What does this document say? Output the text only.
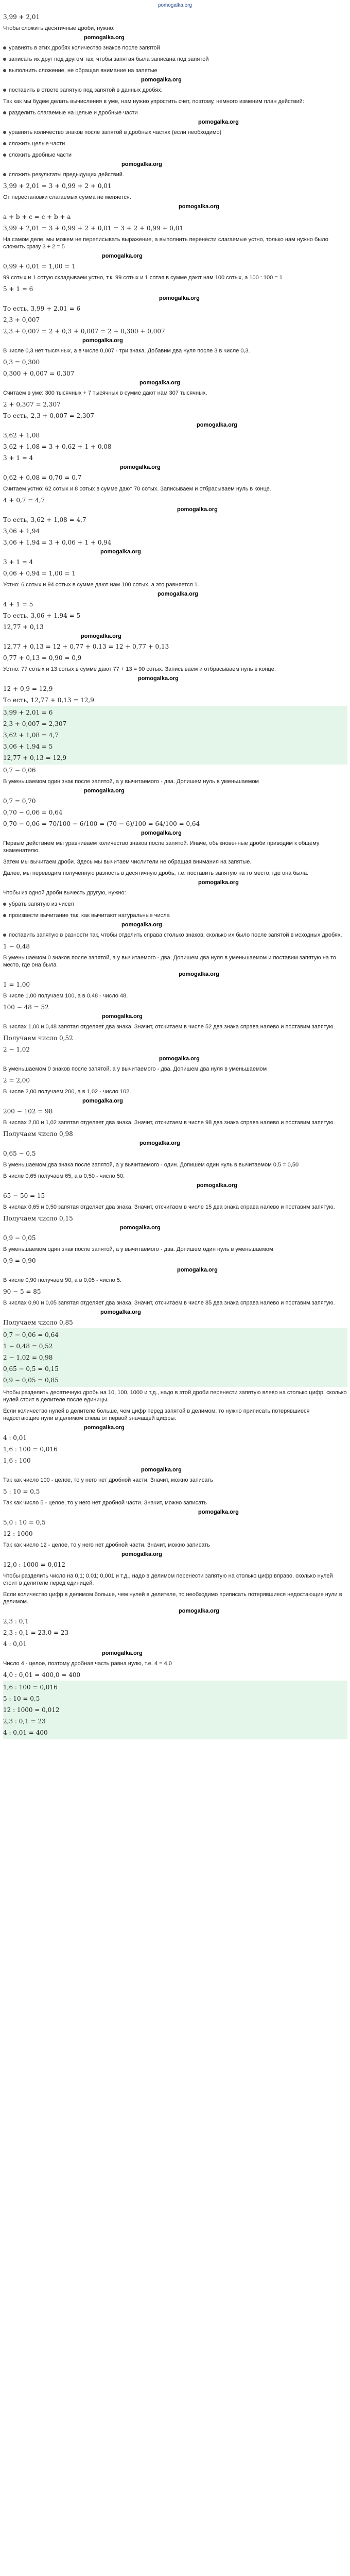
pomogalka.org

3,99 + 2,01

Чтобы сложить десятичные дроби, нужно:

pomogalka.org
уравнять в этих дробях количество знаков после запятой
записать их друг под другом так, чтобы запятая была записана под запятой
выполнить сложение, не обращая внимание на запятые
pomogalka.org
поставить в ответе запятую под запятой в данных дробях.

Так как мы будем делать вычисления в уме, нам нужно упростить счет, поэтому, немного изменим план действий:

разделить слагаемые на целые и дробные части
pomogalka.org
уравнять количество знаков после запятой в дробных частях (если необходимо)
сложить целые части
сложить дробные части
pomogalka.org
сложить результаты предыдущих действий.

3,99 + 2,01 = 3 + 0,99 + 2 + 0,01

От перестановки слагаемых сумма не меняется.

pomogalka.org

a + b + c = c + b + a

3,99 + 2,01 = 3 + 0,99 + 2 + 0,01 = 3 + 2 + 0,99 + 0,01

На самом деле, мы можем не переписывать выражение, а выполнить перенести слагаемые устно, только нам нужно было сложить сразу 3 + 2 = 5

pomogalka.org

0,99 + 0,01 = 1,00 = 1

99 сотых и 1 сотую складываем устно, т.к. 99 сотых и 1 сотая в сумме дают нам 100 сотых, а 100 : 100 = 1

5 + 1 = 6

pomogalka.org

То есть, 3,99 + 2,01 = 6

2,3 + 0,007

2,3 + 0,007 = 2 + 0,3 + 0,007 = 2 + 0,300 + 0,007

pomogalka.org

В числе 0,3 нет тысячных, а в числе 0,007 - три знака. Добавим два нуля после 3 в числе 0,3.

0,3 = 0,300

0,300 + 0,007 = 0,307

pomogalka.org

Считаем в уме: 300 тысячных + 7 тысячных в сумме дают нам 307 тысячных.

2 + 0,307 = 2,307

То есть, 2,3 + 0,007 = 2,307

pomogalka.org

3,62 + 1,08

3,62 + 1,08 = 3 + 0,62 + 1 + 0,08

3 + 1 = 4

pomogalka.org

0,62 + 0,08 = 0,70 = 0,7

Считаем устно: 62 сотых и 8 сотых в сумме дают 70 сотых. Записываем и отбрасываем нуль в конце.

4 + 0,7 = 4,7

pomogalka.org

То есть, 3,62 + 1,08 = 4,7

3,06 + 1,94

3,06 + 1,94 = 3 + 0,06 + 1 + 0,94

pomogalka.org

3 + 1 = 4

0,06 + 0,94 = 1,00 = 1

Устно: 6 сотых и 94 сотых в сумме дают нам 100 сотых, а это равняется 1.

pomogalka.org

4 + 1 = 5

То есть, 3,06 + 1,94 = 5

12,77 + 0,13

pomogalka.org

12,77 + 0,13 = 12 + 0,77 + 0,13 = 12 + 0,77 + 0,13

0,77 + 0,13 = 0,90 = 0,9

Устно: 77 сотых и 13 сотых в сумме дают 77 + 13 = 90 сотых. Записываем и отбрасываем нуль в конце.

pomogalka.org

12 + 0,9 = 12,9

То есть, 12,77 + 0,13 = 12,9

3,99 + 2,01 = 6

2,3 + 0,007 = 2,307

3,62 + 1,08 = 4,7

3,06 + 1,94 = 5

12,77 + 0,13 = 12,9

0,7 − 0,06

В уменьшаемом один знак после запятой, а у вычитаемого - два. Допишем нуль в уменьшаемом

pomogalka.org

0,7 = 0,70

0,70 − 0,06 = 0,64

0,70 − 0,06 = 70/100 − 6/100 = (70 − 6)/100 = 64/100 = 0,64

pomogalka.org

Первым действием мы уравниваем количество знаков после запятой. Иначе, обыкновенные дроби приводим к общему знаменателю.

Затем мы вычитаем дроби. Здесь мы вычитаем числители не обращая внимания на запятые.

Далее, мы переводим полученную разность в десятичную дробь, т.е. поставить запятую на то место, где она была.

pomogalka.org

Чтобы из одной дроби вычесть другую, нужно:

убрать запятую из чисел
произвести вычитание так, как вычитают натуральные числа
pomogalka.org
поставить запятую в разности так, чтобы отделить справа столько знаков, сколько их было после запятой в исходных дробях.

1 − 0,48

В уменьшаемом 0 знаков после запятой, а у вычитаемого - два. Допишем два нуля в уменьшаемом и поставим запятую на то место, где она была

pomogalka.org

1 = 1,00

В числе 1,00 получаем 100, а в 0,48 - число 48.

100 − 48 = 52

pomogalka.org

В числах 1,00 и 0,48 запятая отделяет два знака. Значит, отсчитаем в числе 52 два знака справа налево и поставим запятую.

Получаем число 0,52

2 − 1,02

pomogalka.org

В уменьшаемом 0 знаков после запятой, а у вычитаемого - два. Допишем два нуля в уменьшаемом

2 = 2,00

В числе 2,00 получаем 200, а в 1,02 - число 102.

pomogalka.org

200 − 102 = 98

В числах 2,00 и 1,02 запятая отделяет два знака. Значит, отсчитаем в числе 98 два знака справа налево и поставим запятую.

Получаем число 0,98

pomogalka.org

0,65 − 0,5

В уменьшаемом два знака после запятой, а у вычитаемого - один. Допишем один нуль в вычитаемом 0,5 = 0,50

В числе 0,65 получаем 65, а в 0,50 - число 50.

pomogalka.org

65 − 50 = 15

В числах 0,65 и 0,50 запятая отделяет два знака. Значит, отсчитаем в числе 15 два знака справа налево и поставим запятую.

Получаем число 0,15

pomogalka.org

0,9 − 0,05

В уменьшаемом один знак после запятой, а у вычитаемого - два. Допишем один нуль в уменьшаемом

0,9 = 0,90

pomogalka.org

В числе 0,90 получаем 90, а в 0,05 - число 5.

90 − 5 = 85

В числах 0,90 и 0,05 запятая отделяет два знака. Значит, отсчитаем в числе 85 два знака справа налево и поставим запятую.

pomogalka.org

Получаем число 0,85

0,7 − 0,06 = 0,64

1 − 0,48 = 0,52

2 − 1,02 = 0,98

0,65 − 0,5 = 0,15

0,9 − 0,05 = 0,85

Чтобы разделить десятичную дробь на 10, 100, 1000 и т.д., надо в этой дроби перенести запятую влево на столько цифр, сколько нулей стоит в делителе после единицы.

Если количество нулей в делителе больше, чем цифр перед запятой в делимом, то нужно приписать потерявшиеся недостающие нули в делимом слева от первой значащей цифры.

pomogalka.org

4 : 0,01

1,6 : 100 = 0,016

1,6 : 100

pomogalka.org

Так как число 100 - целое, то у него нет дробной части. Значит, можно записать

5 : 10 = 0,5

Так как число 5 - целое, то у него нет дробной части. Значит, можно записать

pomogalka.org

5,0 : 10 = 0,5

12 : 1000

Так как число 12 - целое, то у него нет дробной части. Значит, можно записать

pomogalka.org

12,0 : 1000 = 0,012

Чтобы разделить число на 0,1; 0,01; 0,001 и т.д., надо в делимом перенести запятую на столько цифр вправо, сколько нулей стоит в делителе перед единицей.

Если количество цифр в делимом больше, чем нулей в делителе, то необходимо приписать потерявшиеся недостающие нули в делимом.

pomogalka.org

2,3 : 0,1

2,3 : 0,1 = 23,0 = 23

4 : 0,01

pomogalka.org

Число 4 - целое, поэтому дробная часть равна нулю, т.е. 4 = 4,0

4,0 : 0,01 = 400,0 = 400

1,6 : 100 = 0,016

5 : 10 = 0,5

12 : 1000 = 0,012

2,3 : 0,1 = 23

4 : 0,01 = 400
